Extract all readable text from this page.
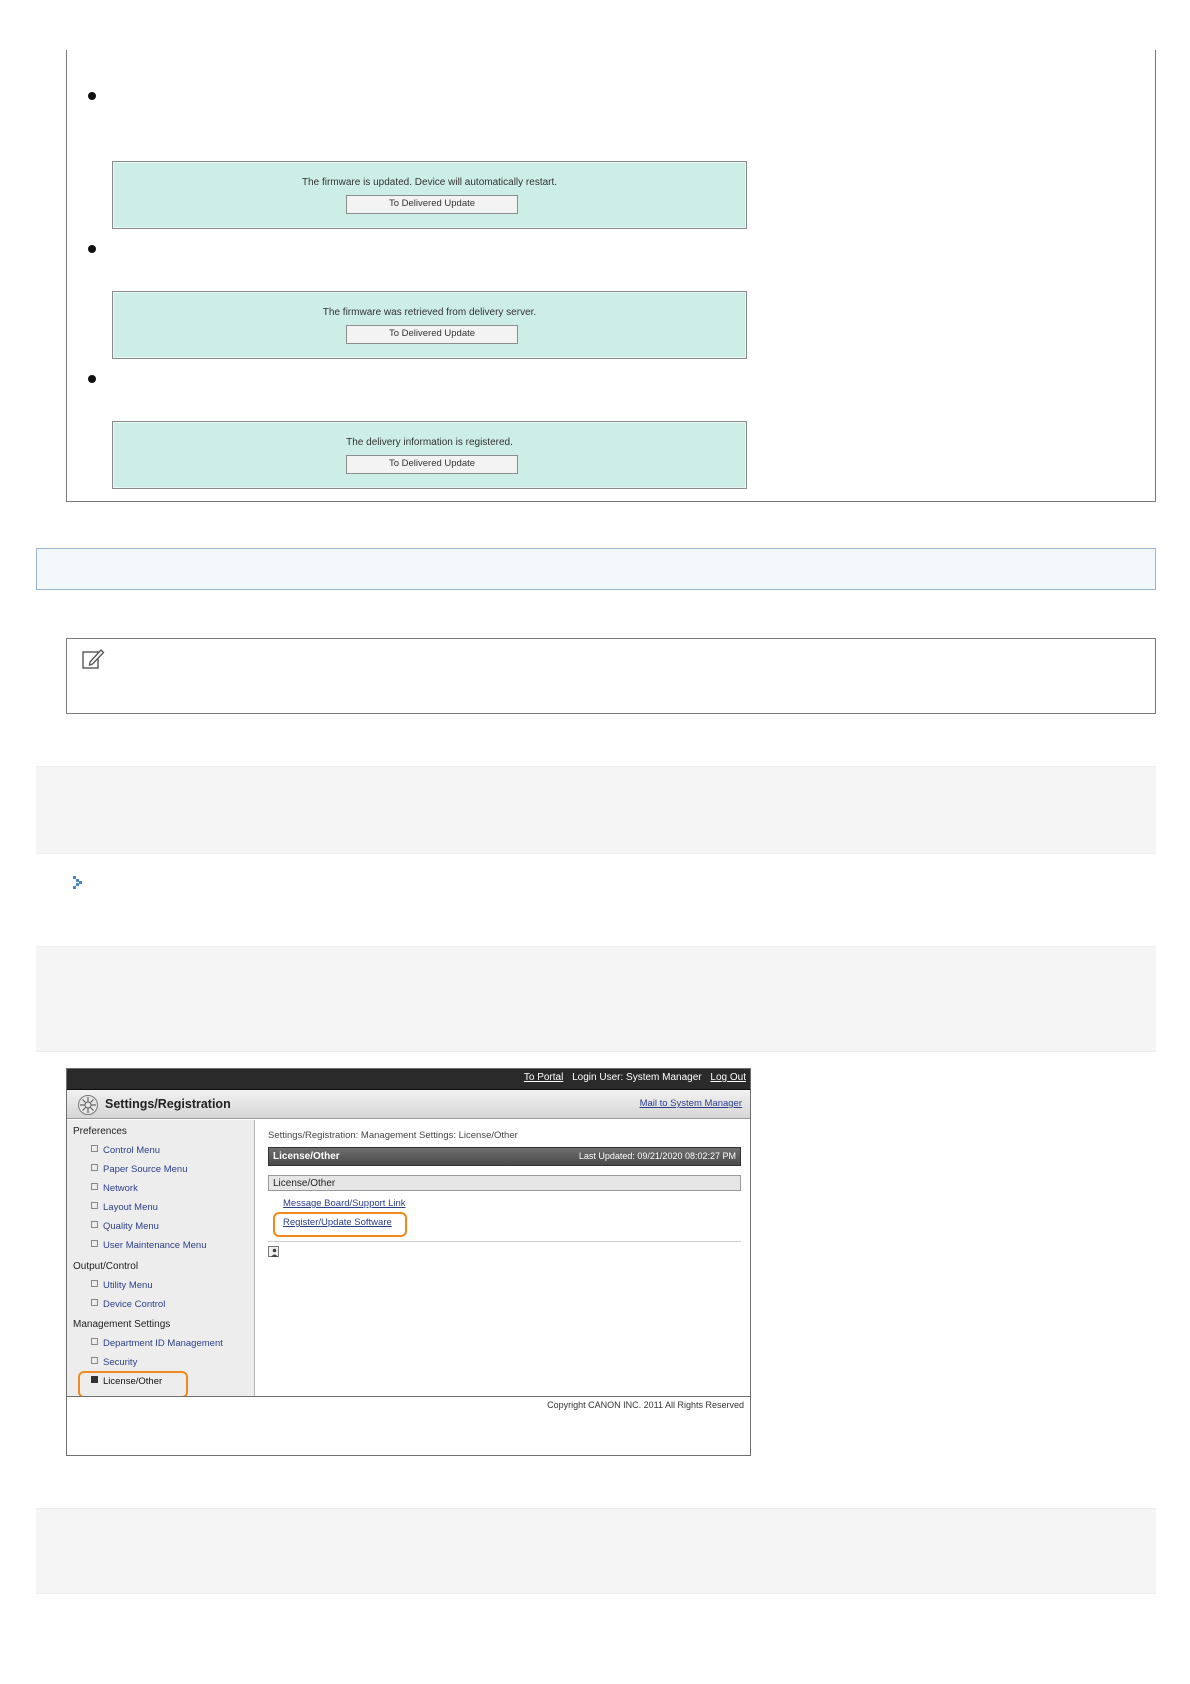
The firmware is updated. Device will automatically restart.
To Delivered Update
The firmware was retrieved from delivery server.
To Delivered Update
The delivery information is registered.
To Delivered Update
To Portal Login User: System Manager Log Out
Settings/Registration	Mail to System Manager
Preferences
Control Menu
Paper Source Menu
Network
Layout Menu
Quality Menu
User Maintenance Menu
Output/Control
Utility Menu
Device Control
Management Settings
Department ID Management
Security
License/Other
Settings/Registration: Management Settings: License/Other
License/Other	Last Updated: 09/21/2020 08:02:27 PM
License/Other
Message Board/Support Link
Register/Update Software
Copyright CANON INC. 2011 All Rights Reserved
